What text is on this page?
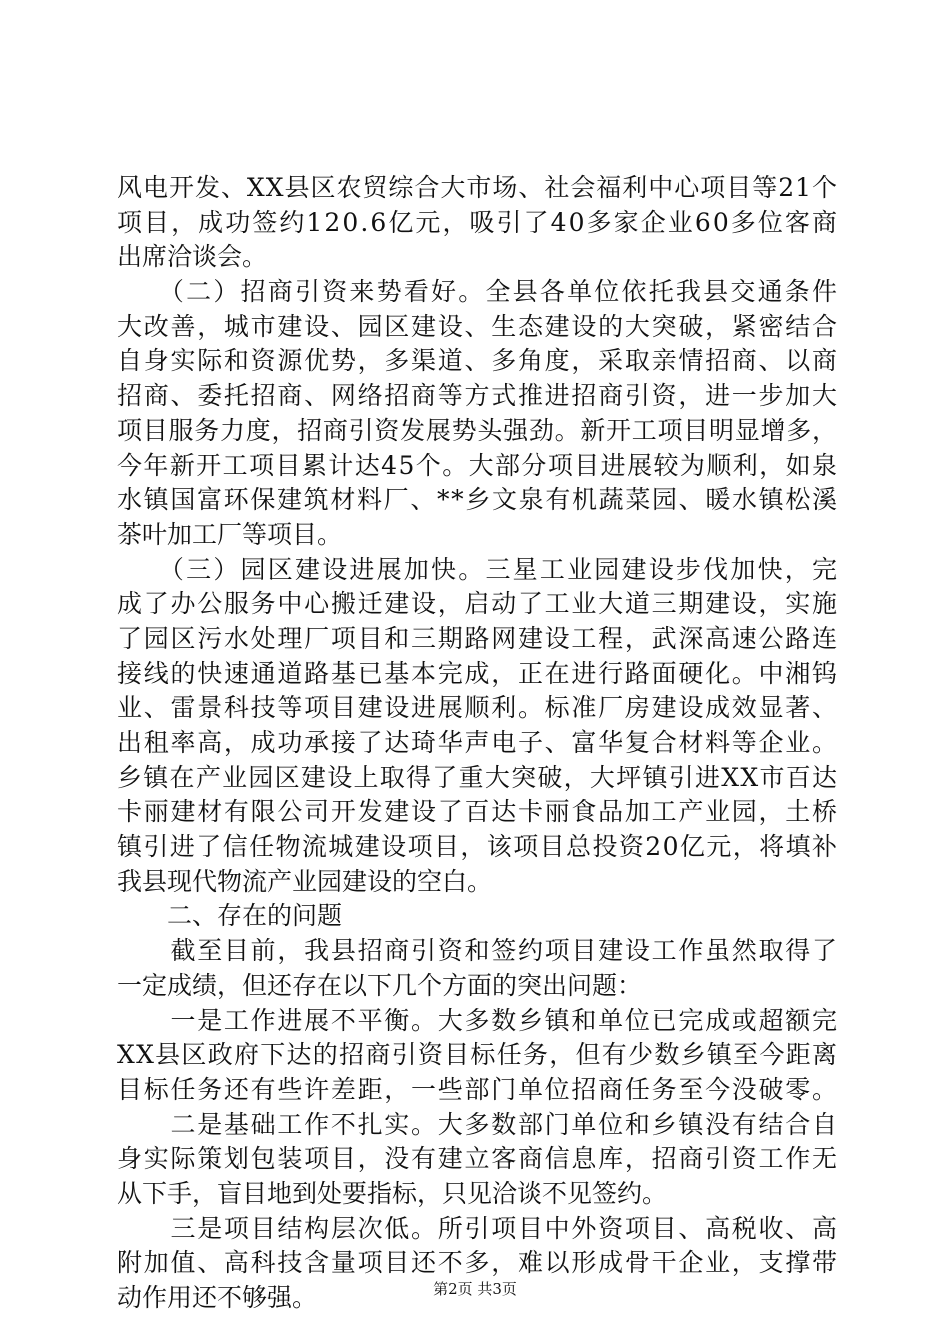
风电开发、XX县区农贸综合大市场、社会福利中心项目等21个
项目，成功签约120.6亿元，吸引了40多家企业60多位客商
出席洽谈会。
　　（二）招商引资来势看好。全县各单位依托我县交通条件
大改善，城市建设、园区建设、生态建设的大突破，紧密结合
自身实际和资源优势，多渠道、多角度，采取亲情招商、以商
招商、委托招商、网络招商等方式推进招商引资，进一步加大
项目服务力度，招商引资发展势头强劲。新开工项目明显增多，
今年新开工项目累计达45个。大部分项目进展较为顺利，如泉
水镇国富环保建筑材料厂、**乡文泉有机蔬菜园、暖水镇松溪
茶叶加工厂等项目。
　　（三）园区建设进展加快。三星工业园建设步伐加快，完
成了办公服务中心搬迁建设，启动了工业大道三期建设，实施
了园区污水处理厂项目和三期路网建设工程，武深高速公路连
接线的快速通道路基已基本完成，正在进行路面硬化。中湘钨
业、雷景科技等项目建设进展顺利。标准厂房建设成效显著、
出租率高，成功承接了达琦华声电子、富华复合材料等企业。
乡镇在产业园区建设上取得了重大突破，大坪镇引进XX市百达
卡丽建材有限公司开发建设了百达卡丽食品加工产业园，土桥
镇引进了信任物流城建设项目，该项目总投资20亿元，将填补
我县现代物流产业园建设的空白。
　　二、存在的问题
　　截至目前，我县招商引资和签约项目建设工作虽然取得了
一定成绩，但还存在以下几个方面的突出问题：
　　一是工作进展不平衡。大多数乡镇和单位已完成或超额完
XX县区政府下达的招商引资目标任务，但有少数乡镇至今距离
目标任务还有些许差距，一些部门单位招商任务至今没破零。
　　二是基础工作不扎实。大多数部门单位和乡镇没有结合自
身实际策划包装项目，没有建立客商信息库，招商引资工作无
从下手，盲目地到处要指标，只见洽谈不见签约。
　　三是项目结构层次低。所引项目中外资项目、高税收、高
附加值、高科技含量项目还不多，难以形成骨干企业，支撑带
动作用还不够强。	第2页 共3页
